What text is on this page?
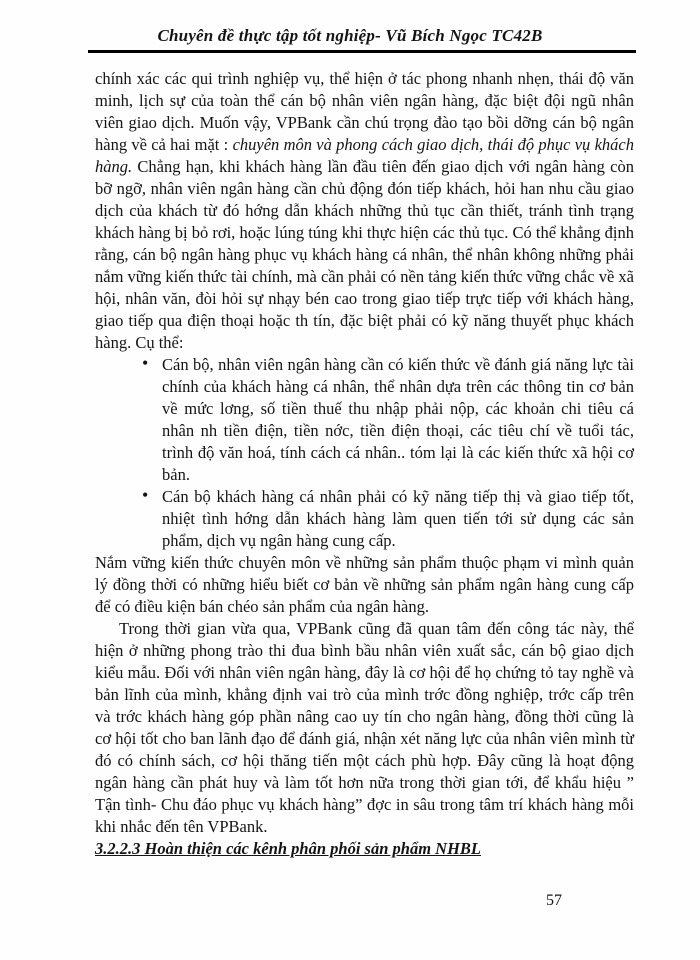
Chuyên đề thực tập tốt nghiệp- Vũ Bích Ngọc TC42B

chính xác các qui trình nghiệp vụ, thể hiện ở tác phong nhanh nhẹn, thái độ văn minh, lịch sự của toàn thể cán bộ nhân viên ngân hàng, đặc biệt đội ngũ nhân viên giao dịch. Muốn vậy, VPBank cần chú trọng đào tạo bồi dỡng cán bộ ngân hàng về cả hai mặt : chuyên môn và phong cách giao dịch, thái độ phục vụ khách hàng. Chẳng hạn, khi khách hàng lần đầu tiên đến giao dịch với ngân hàng còn bỡ ngỡ, nhân viên ngân hàng cần chủ động đón tiếp khách, hỏi han nhu cầu giao dịch của khách từ đó hớng dẫn khách những thủ tục cần thiết, tránh tình trạng khách hàng bị bỏ rơi, hoặc lúng túng khi thực hiện các thủ tục. Có thể khẳng định rằng, cán bộ ngân hàng phục vụ khách hàng cá nhân, thể nhân không những phải nắm vững kiến thức tài chính, mà cần phải có nền tảng kiến thức vững chắc về xã hội, nhân văn, đòi hỏi sự nhạy bén cao trong giao tiếp trực tiếp với khách hàng, giao tiếp qua điện thoại hoặc th tín, đặc biệt phải có kỹ năng thuyết phục khách hàng. Cụ thể:

• Cán bộ, nhân viên ngân hàng cần có kiến thức về đánh giá năng lực tài chính của khách hàng cá nhân, thể nhân dựa trên các thông tin cơ bản về mức lơng, số tiền thuế thu nhập phải nộp, các khoản chi tiêu cá nhân nh tiền điện, tiền nớc, tiền điện thoại, các tiêu chí về tuổi tác, trình độ văn hoá, tính cách cá nhân.. tóm lại là các kiến thức xã hội cơ bản.
• Cán bộ khách hàng cá nhân phải có kỹ năng tiếp thị và giao tiếp tốt, nhiệt tình hớng dẫn khách hàng làm quen tiến tới sử dụng các sản phẩm, dịch vụ ngân hàng cung cấp.

Nắm vững kiến thức chuyên môn về những sản phẩm thuộc phạm vi mình quản lý đồng thời có những hiểu biết cơ bản về những sản phẩm ngân hàng cung cấp để có điều kiện bán chéo sản phẩm của ngân hàng.

Trong thời gian vừa qua, VPBank cũng đã quan tâm đến công tác này, thể hiện ở những phong trào thi đua bình bầu nhân viên xuất sắc, cán bộ giao dịch kiểu mẫu. Đối với nhân viên ngân hàng, đây là cơ hội để họ chứng tỏ tay nghề và bản lĩnh của mình, khẳng định vai trò của mình trớc đồng nghiệp, trớc cấp trên và trớc khách hàng góp phần nâng cao uy tín cho ngân hàng, đồng thời cũng là cơ hội tốt cho ban lãnh đạo để đánh giá, nhận xét năng lực của nhân viên mình từ đó có chính sách, cơ hội thăng tiến một cách phù hợp. Đây cũng là hoạt động ngân hàng cần phát huy và làm tốt hơn nữa trong thời gian tới, để khẩu hiệu ” Tận tình- Chu đáo phục vụ khách hàng” đợc in sâu trong tâm trí khách hàng mỗi khi nhắc đến tên VPBank.

3.2.2.3 Hoàn thiện các kênh phân phối sản phẩm NHBL

57
